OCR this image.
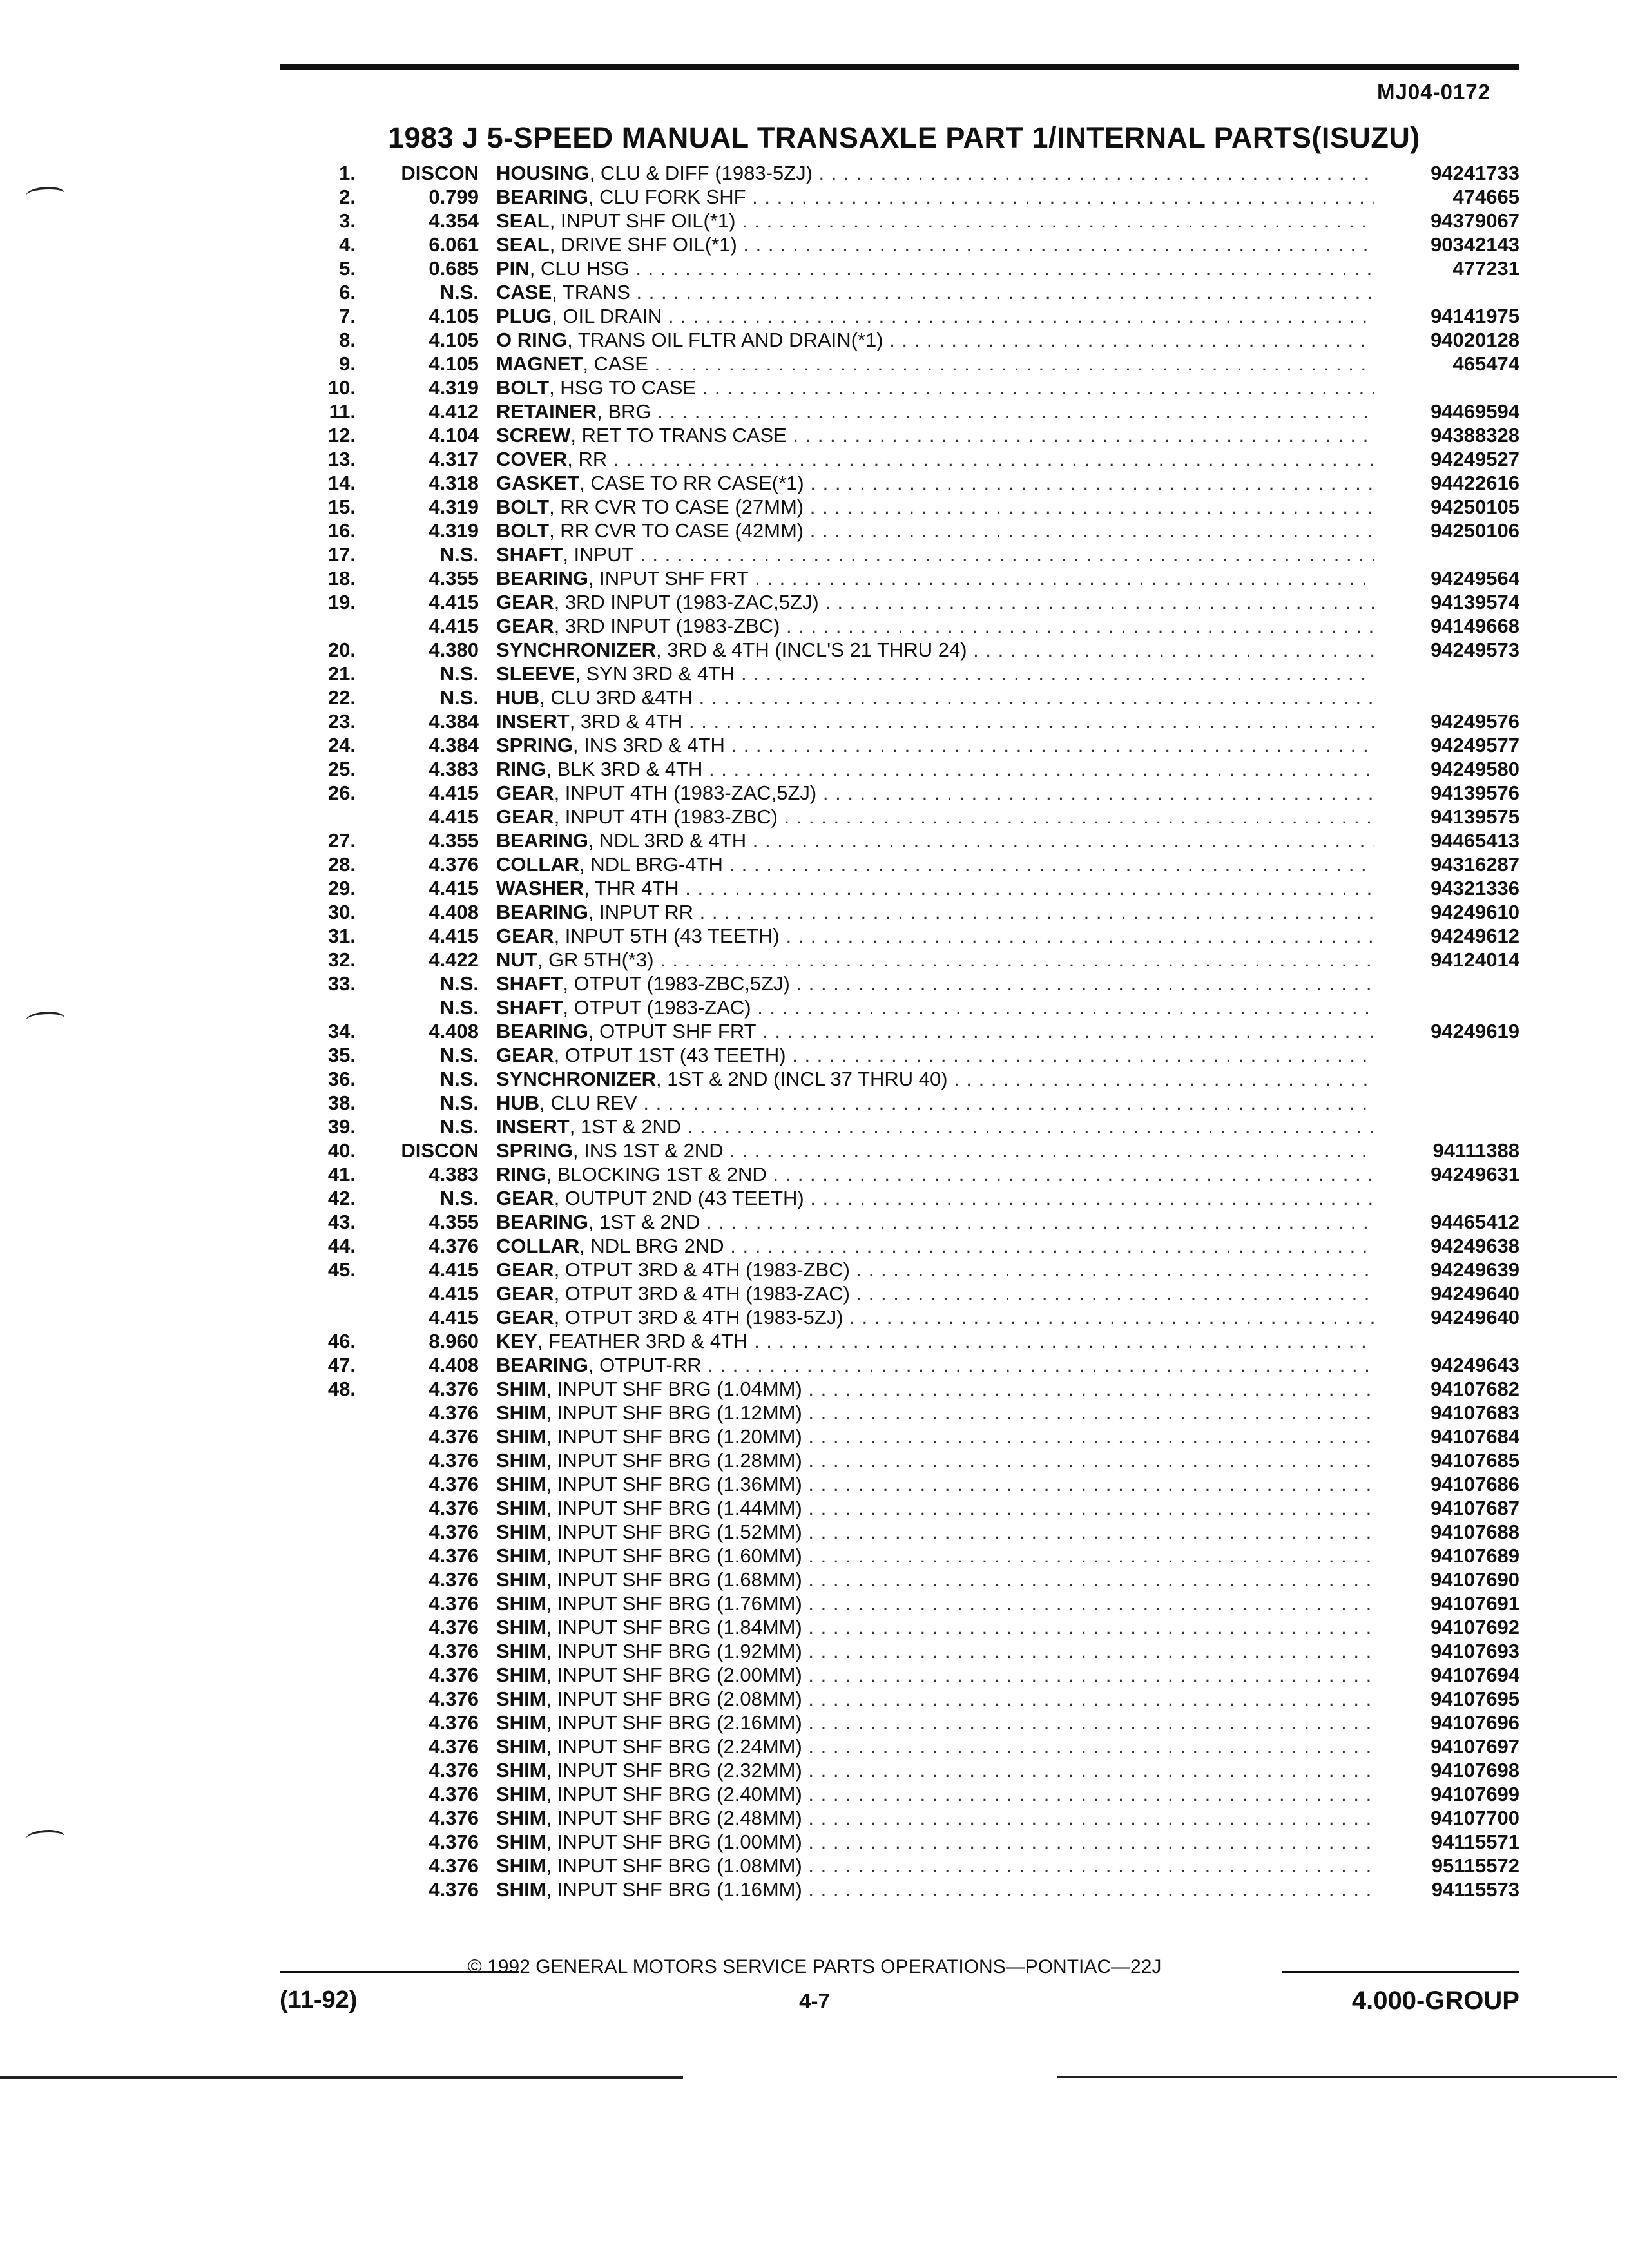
MJ04-0172
1983 J 5-SPEED MANUAL TRANSAXLE PART 1/INTERNAL PARTS(ISUZU)
1.	DISCON HOUSING, CLU & DIFF (1983-5ZJ) . . .	94241733
2.	0.799 BEARING, CLU FORK SHF . . .	474665
3.	4.354 SEAL, INPUT SHF OIL(*1) . . .	94379067
4.	6.061 SEAL, DRIVE SHF OIL(*1) . . .	90342143
5.	0.685 PIN, CLU HSG . . .	477231
6.	N.S. CASE, TRANS . . .
7.	4.105 PLUG, OIL DRAIN . . .	94141975
8.	4.105 O RING, TRANS OIL FLTR AND DRAIN(*1) . . .	94020128
9.	4.105 MAGNET, CASE . . .	465474
10.	4.319 BOLT, HSG TO CASE . . .
11.	4.412 RETAINER, BRG . . .	94469594
12.	4.104 SCREW, RET TO TRANS CASE . . .	94388328
13.	4.317 COVER, RR . . .	94249527
14.	4.318 GASKET, CASE TO RR CASE(*1) . . .	94422616
15.	4.319 BOLT, RR CVR TO CASE (27MM) . . .	94250105
16.	4.319 BOLT, RR CVR TO CASE (42MM) . . .	94250106
17.	N.S. SHAFT, INPUT . . .
18.	4.355 BEARING, INPUT SHF FRT . . .	94249564
19.	4.415 GEAR, 3RD INPUT (1983-ZAC,5ZJ) . . .	94139574
4.415 GEAR, 3RD INPUT (1983-ZBC) . . .	94149668
20.	4.380 SYNCHRONIZER, 3RD & 4TH (INCL'S 21 THRU 24) . . .	94249573
21.	N.S. SLEEVE, SYN 3RD & 4TH . . .
22.	N.S. HUB, CLU 3RD &4TH . . .
23.	4.384 INSERT, 3RD & 4TH . . .	94249576
24.	4.384 SPRING, INS 3RD & 4TH . . .	94249577
25.	4.383 RING, BLK 3RD & 4TH . . .	94249580
26.	4.415 GEAR, INPUT 4TH (1983-ZAC,5ZJ) . . .	94139576
4.415 GEAR, INPUT 4TH (1983-ZBC) . . .	94139575
27.	4.355 BEARING, NDL 3RD & 4TH . . .	94465413
28.	4.376 COLLAR, NDL BRG-4TH . . .	94316287
29.	4.415 WASHER, THR 4TH . . .	94321336
30.	4.408 BEARING, INPUT RR . . .	94249610
31.	4.415 GEAR, INPUT 5TH (43 TEETH) . . .	94249612
32.	4.422 NUT, GR 5TH(*3) . . .	94124014
33.	N.S. SHAFT, OTPUT (1983-ZBC,5ZJ) . . .
N.S. SHAFT, OTPUT (1983-ZAC) . . .
34.	4.408 BEARING, OTPUT SHF FRT . . .	94249619
35.	N.S. GEAR, OTPUT 1ST (43 TEETH) . . .
36.	N.S. SYNCHRONIZER, 1ST & 2ND (INCL 37 THRU 40) . . .
38.	N.S. HUB, CLU REV . . .
39.	N.S. INSERT, 1ST & 2ND . . .
40.	DISCON SPRING, INS 1ST & 2ND . . .	94111388
41.	4.383 RING, BLOCKING 1ST & 2ND . . .	94249631
42.	N.S. GEAR, OUTPUT 2ND (43 TEETH) . . .
43.	4.355 BEARING, 1ST & 2ND . . .	94465412
44.	4.376 COLLAR, NDL BRG 2ND . . .	94249638
45.	4.415 GEAR, OTPUT 3RD & 4TH (1983-ZBC) . . .	94249639
4.415 GEAR, OTPUT 3RD & 4TH (1983-ZAC) . . .	94249640
4.415 GEAR, OTPUT 3RD & 4TH (1983-5ZJ) . . .	94249640
46.	8.960 KEY, FEATHER 3RD & 4TH . . .
47.	4.408 BEARING, OTPUT-RR . . .	94249643
48.	4.376 SHIM, INPUT SHF BRG (1.04MM) . . .	94107682
4.376 SHIM, INPUT SHF BRG (1.12MM) . . .	94107683
4.376 SHIM, INPUT SHF BRG (1.20MM) . . .	94107684
4.376 SHIM, INPUT SHF BRG (1.28MM) . . .	94107685
4.376 SHIM, INPUT SHF BRG (1.36MM) . . .	94107686
4.376 SHIM, INPUT SHF BRG (1.44MM) . . .	94107687
4.376 SHIM, INPUT SHF BRG (1.52MM) . . .	94107688
4.376 SHIM, INPUT SHF BRG (1.60MM) . . .	94107689
4.376 SHIM, INPUT SHF BRG (1.68MM) . . .	94107690
4.376 SHIM, INPUT SHF BRG (1.76MM) . . .	94107691
4.376 SHIM, INPUT SHF BRG (1.84MM) . . .	94107692
4.376 SHIM, INPUT SHF BRG (1.92MM) . . .	94107693
4.376 SHIM, INPUT SHF BRG (2.00MM) . . .	94107694
4.376 SHIM, INPUT SHF BRG (2.08MM) . . .	94107695
4.376 SHIM, INPUT SHF BRG (2.16MM) . . .	94107696
4.376 SHIM, INPUT SHF BRG (2.24MM) . . .	94107697
4.376 SHIM, INPUT SHF BRG (2.32MM) . . .	94107698
4.376 SHIM, INPUT SHF BRG (2.40MM) . . .	94107699
4.376 SHIM, INPUT SHF BRG (2.48MM) . . .	94107700
4.376 SHIM, INPUT SHF BRG (1.00MM) . . .	94115571
4.376 SHIM, INPUT SHF BRG (1.08MM) . . .	95115572
4.376 SHIM, INPUT SHF BRG (1.16MM) . . .	94115573
© 1992 GENERAL MOTORS SERVICE PARTS OPERATIONS—PONTIAC—22J
(11-92)	4-7	4.000-GROUP
